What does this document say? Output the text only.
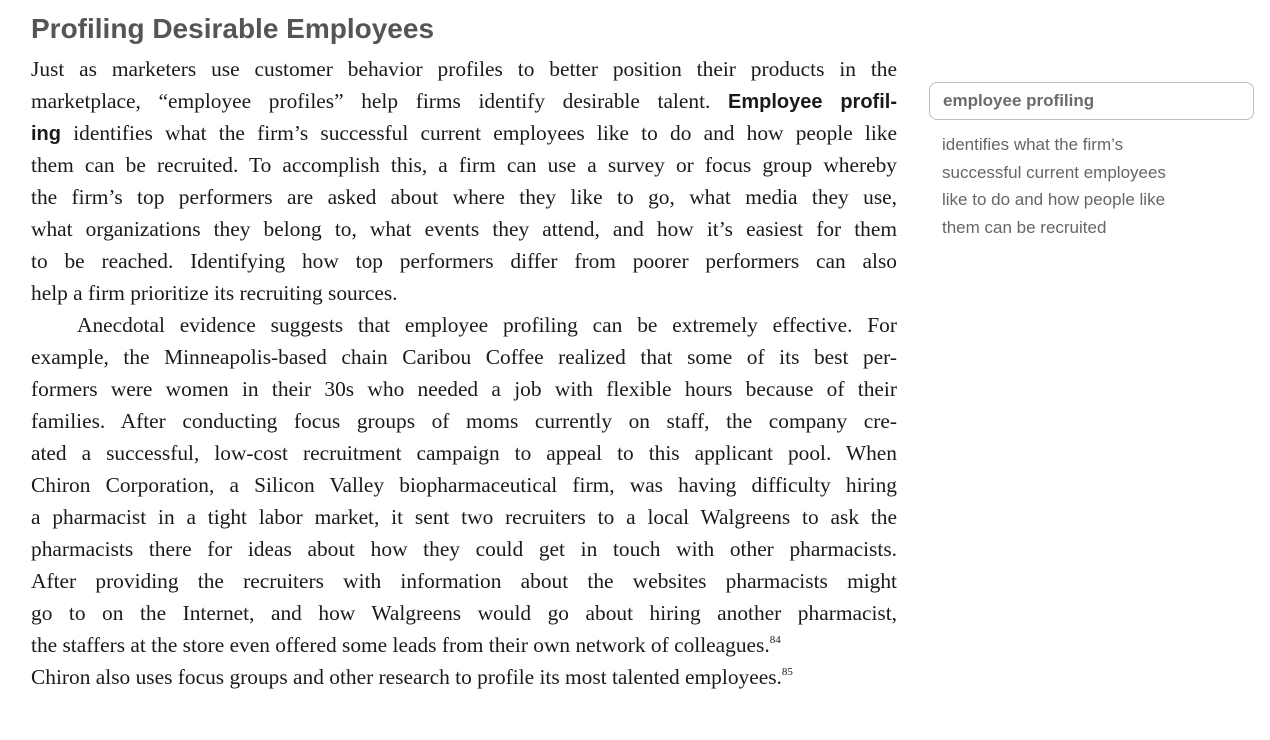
Profiling Desirable Employees
Just as marketers use customer behavior profiles to better position their products in the
marketplace, “employee profiles” help firms identify desirable talent. Employee profil-
ing identifies what the firm’s successful current employees like to do and how people like
them can be recruited. To accomplish this, a firm can use a survey or focus group whereby
the firm’s top performers are asked about where they like to go, what media they use,
what organizations they belong to, what events they attend, and how it’s easiest for them
to be reached. Identifying how top performers differ from poorer performers can also
help a firm prioritize its recruiting sources.
Anecdotal evidence suggests that employee profiling can be extremely effective. For
example, the Minneapolis-based chain Caribou Coffee realized that some of its best per-
formers were women in their 30s who needed a job with flexible hours because of their
families. After conducting focus groups of moms currently on staff, the company cre-
ated a successful, low-cost recruitment campaign to appeal to this applicant pool. When
Chiron Corporation, a Silicon Valley biopharmaceutical firm, was having difficulty hiring
a pharmacist in a tight labor market, it sent two recruiters to a local Walgreens to ask the
pharmacists there for ideas about how they could get in touch with other pharmacists.
After providing the recruiters with information about the websites pharmacists might
go to on the Internet, and how Walgreens would go about hiring another pharmacist,
the staffers at the store even offered some leads from their own network of colleagues.$^{84}$
Chiron also uses focus groups and other research to profile its most talented employees.$^{85}$
employee profiling
identifies what the firm’s
successful current employees
like to do and how people like
them can be recruited
